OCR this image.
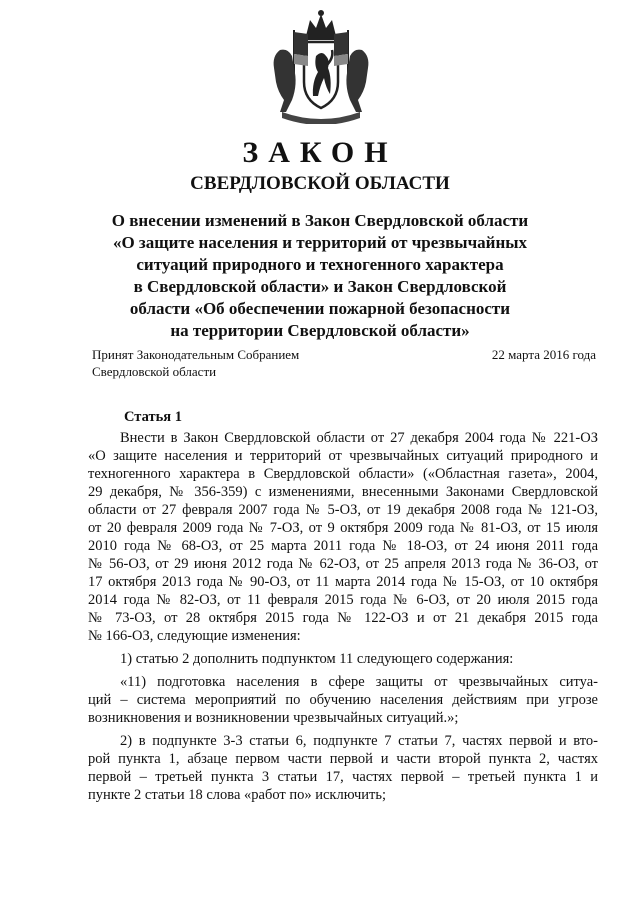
ЗАКОН
СВЕРДЛОВСКОЙ ОБЛАСТИ
О внесении изменений в Закон Свердловской области
«О защите населения и территорий от чрезвычайных
ситуаций природного и техногенного характера
в Свердловской области» и Закон Свердловской
области «Об обеспечении пожарной безопасности
на территории Свердловской области»
Принят Законодательным Собранием
Свердловской области
22 марта 2016 года
Статья 1
Внести в Закон Свердловской области от 27 декабря 2004 года № 221-ОЗ
«О защите населения и территорий от чрезвычайных ситуаций природного и
техногенного характера в Свердловской области» («Областная газета», 2004,
29 декабря, № 356-359) с изменениями, внесенными Законами Свердловской
области от 27 февраля 2007 года № 5-ОЗ, от 19 декабря 2008 года № 121-ОЗ,
от 20 февраля 2009 года № 7-ОЗ, от 9 октября 2009 года № 81-ОЗ, от 15 июля
2010 года № 68-ОЗ, от 25 марта 2011 года № 18-ОЗ, от 24 июня 2011 года
№ 56-ОЗ, от 29 июня 2012 года № 62-ОЗ, от 25 апреля 2013 года № 36-ОЗ, от
17 октября 2013 года № 90-ОЗ, от 11 марта 2014 года № 15-ОЗ, от 10 октября
2014 года № 82-ОЗ, от 11 февраля 2015 года № 6-ОЗ, от 20 июля 2015 года
№ 73-ОЗ, от 28 октября 2015 года № 122-ОЗ и от 21 декабря 2015 года
№ 166-ОЗ, следующие изменения:
1) статью 2 дополнить подпунктом 11 следующего содержания:
«11) подготовка населения в сфере защиты от чрезвычайных ситуа-
ций – система мероприятий по обучению населения действиям при угрозе
возникновения и возникновении чрезвычайных ситуаций.»;
2) в подпункте 3-3 статьи 6, подпункте 7 статьи 7, частях первой и вто-
рой пункта 1, абзаце первом части первой и части второй пункта 2, частях
первой – третьей пункта 3 статьи 17, частях первой – третьей пункта 1 и
пункте 2 статьи 18 слова «работ по» исключить;
